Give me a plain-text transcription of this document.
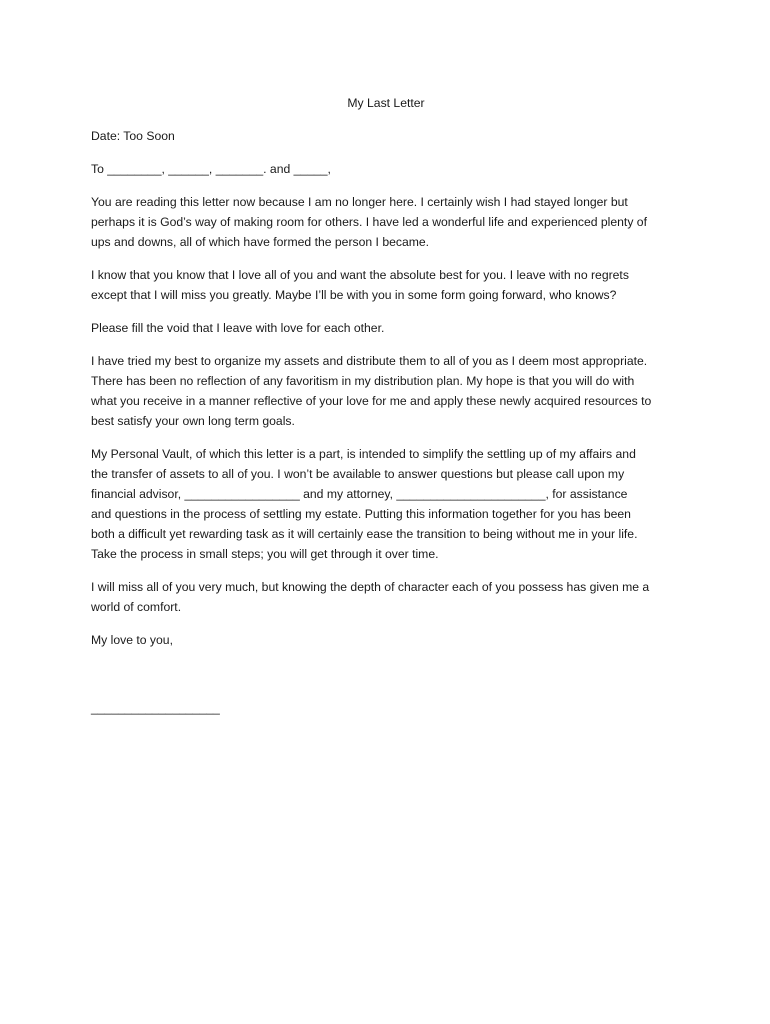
My Last Letter
Date: Too Soon
To ________, ______, _______. and _____,
You are reading this letter now because I am no longer here. I certainly wish I had stayed longer but
perhaps it is God’s way of making room for others. I have led a wonderful life and experienced plenty of
ups and downs, all of which have formed the person I became.
I know that you know that I love all of you and want the absolute best for you. I leave with no regrets
except that I will miss you greatly. Maybe I’ll be with you in some form going forward, who knows?
Please fill the void that I leave with love for each other.
I have tried my best to organize my assets and distribute them to all of you as I deem most appropriate.
There has been no reflection of any favoritism in my distribution plan. My hope is that you will do with
what you receive in a manner reflective of your love for me and apply these newly acquired resources to
best satisfy your own long term goals.
My Personal Vault, of which this letter is a part, is intended to simplify the settling up of my affairs and
the transfer of assets to all of you. I won’t be available to answer questions but please call upon my
financial advisor, _________________ and my attorney, ______________________, for assistance
and questions in the process of settling my estate. Putting this information together for you has been
both a difficult yet rewarding task as it will certainly ease the transition to being without me in your life.
Take the process in small steps; you will get through it over time.
I will miss all of you very much, but knowing the depth of character each of you possess has given me a
world of comfort.
My love to you,
___________________
